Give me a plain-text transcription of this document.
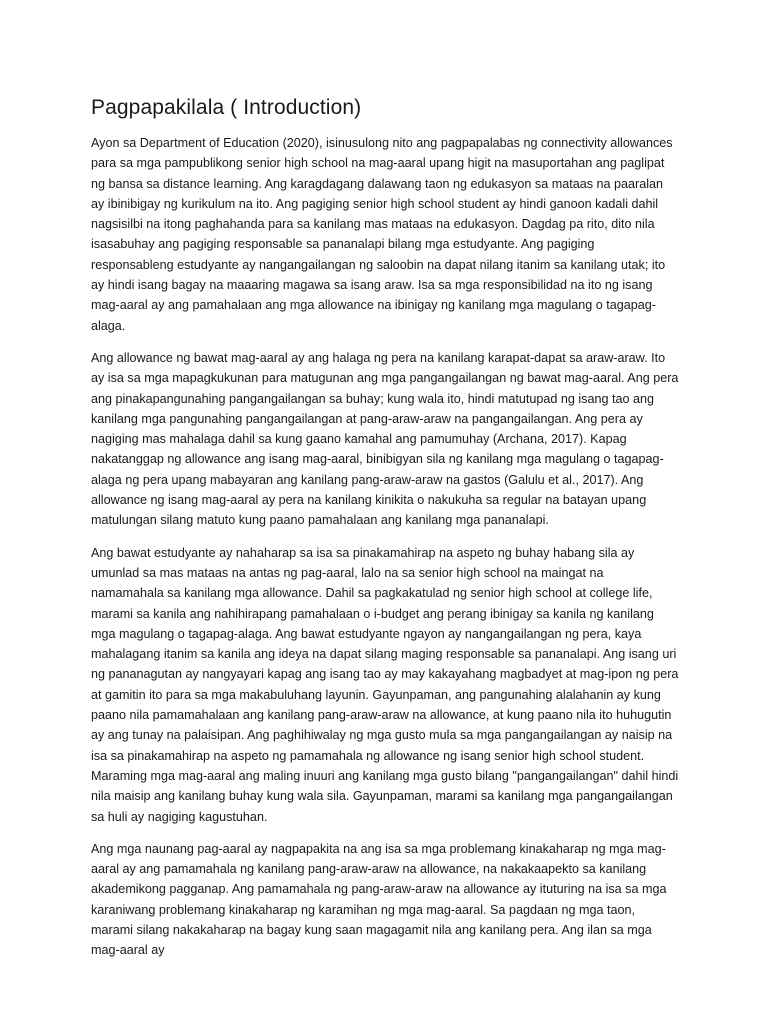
Pagpapakilala ( Introduction)

Ayon sa Department of Education (2020), isinusulong nito ang pagpapalabas ng connectivity allowances para sa mga pampublikong senior high school na mag-aaral upang higit na masuportahan ang paglipat ng bansa sa distance learning. Ang karagdagang dalawang taon ng edukasyon sa mataas na paaralan ay ibinibigay ng kurikulum na ito. Ang pagiging senior high school student ay hindi ganoon kadali dahil nagsisilbi na itong paghahanda para sa kanilang mas mataas na edukasyon. Dagdag pa rito, dito nila isasabuhay ang pagiging responsable sa pananalapi bilang mga estudyante. Ang pagiging responsableng estudyante ay nangangailangan ng saloobin na dapat nilang itanim sa kanilang utak; ito ay hindi isang bagay na maaaring magawa sa isang araw. Isa sa mga responsibilidad na ito ng isang mag-aaral ay ang pamahalaan ang mga allowance na ibinigay ng kanilang mga magulang o tagapag-alaga.

Ang allowance ng bawat mag-aaral ay ang halaga ng pera na kanilang karapat-dapat sa araw-araw. Ito ay isa sa mga mapagkukunan para matugunan ang mga pangangailangan ng bawat mag-aaral. Ang pera ang pinakapangunahing pangangailangan sa buhay; kung wala ito, hindi matutupad ng isang tao ang kanilang mga pangunahing pangangailangan at pang-araw-araw na pangangailangan. Ang pera ay nagiging mas mahalaga dahil sa kung gaano kamahal ang pamumuhay (Archana, 2017). Kapag nakatanggap ng allowance ang isang mag-aaral, binibigyan sila ng kanilang mga magulang o tagapag-alaga ng pera upang mabayaran ang kanilang pang-araw-araw na gastos (Galulu et al., 2017). Ang allowance ng isang mag-aaral ay pera na kanilang kinikita o nakukuha sa regular na batayan upang matulungan silang matuto kung paano pamahalaan ang kanilang mga pananalapi.

Ang bawat estudyante ay nahaharap sa isa sa pinakamahirap na aspeto ng buhay habang sila ay umunlad sa mas mataas na antas ng pag-aaral, lalo na sa senior high school na maingat na namamahala sa kanilang mga allowance. Dahil sa pagkakatulad ng senior high school at college life, marami sa kanila ang nahihirapang pamahalaan o i-budget ang perang ibinigay sa kanila ng kanilang mga magulang o tagapag-alaga. Ang bawat estudyante ngayon ay nangangailangan ng pera, kaya mahalagang itanim sa kanila ang ideya na dapat silang maging responsable sa pananalapi. Ang isang uri ng pananagutan ay nangyayari kapag ang isang tao ay may kakayahang magbadyet at mag-ipon ng pera at gamitin ito para sa mga makabuluhang layunin. Gayunpaman, ang pangunahing alalahanin ay kung paano nila pamamahalaan ang kanilang pang-araw-araw na allowance, at kung paano nila ito huhugutin ay ang tunay na palaisipan. Ang paghihiwalay ng mga gusto mula sa mga pangangailangan ay naisip na isa sa pinakamahirap na aspeto ng pamamahala ng allowance ng isang senior high school student. Maraming mga mag-aaral ang maling inuuri ang kanilang mga gusto bilang "pangangailangan" dahil hindi nila maisip ang kanilang buhay kung wala sila. Gayunpaman, marami sa kanilang mga pangangailangan sa huli ay nagiging kagustuhan.

Ang mga naunang pag-aaral ay nagpapakita na ang isa sa mga problemang kinakaharap ng mga mag-aaral ay ang pamamahala ng kanilang pang-araw-araw na allowance, na nakakaapekto sa kanilang akademikong pagganap. Ang pamamahala ng pang-araw-araw na allowance ay ituturing na isa sa mga karaniwang problemang kinakaharap ng karamihan ng mga mag-aaral. Sa pagdaan ng mga taon, marami silang nakakaharap na bagay kung saan magagamit nila ang kanilang pera. Ang ilan sa mga mag-aaral ay
